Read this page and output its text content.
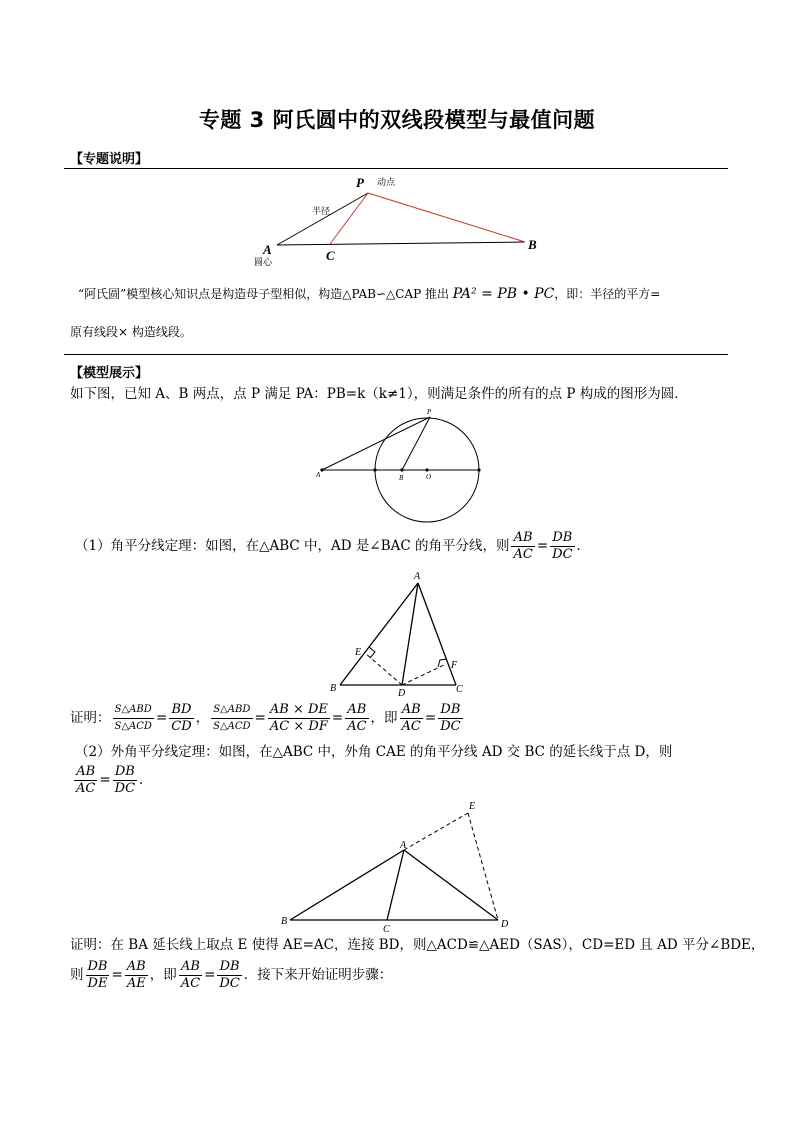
专题 3 阿氏圆中的双线段模型与最值问题
【专题说明】
P 动点
半径
A
圆心	C
B
“阿氏圆”模型核心知识点是构造母子型相似，构造△PAB∽△CAP 推出 PA² = PB • PC，即：半径的平方=
原有线段× 构造线段。
【模型展示】
如下图，已知 A、B 两点，点 P 满足 PA：PB=k（k≠1），则满足条件的所有的点 P 构成的图形为圆．
P
A	B	O
（1）角平分线定理：如图，在△ABC 中，AD 是∠BAC 的角平分线，则 $\frac{AB}{AC} = \frac{DB}{DC}$ ．
A
B	C
D
E
F
证明： $\frac{\text{S△ABD}}{\text{S△ACD}} = \frac{BD}{CD}$ ， $\frac{\text{S△ABD}}{\text{S△ACD}} = \frac{AB \times DE}{AC \times DF} = \frac{AB}{AC}$ ，即 $\frac{AB}{AC} = \frac{DB}{DC}$
（2）外角平分线定理：如图，在△ABC 中，外角 CAE 的角平分线 AD 交 BC 的延长线于点 D，则
$\frac{AB}{AC} = \frac{DB}{DC}$ ．
A
B
C	D
E
证明：在 BA 延长线上取点 E 使得 AE=AC，连接 BD，则△ACD≌△AED（SAS），CD=ED 且 AD 平分∠BDE，
则 $\frac{DB}{DE} = \frac{AB}{AE}$ ，即 $\frac{AB}{AC} = \frac{DB}{DC}$ ．接下来开始证明步骤：
